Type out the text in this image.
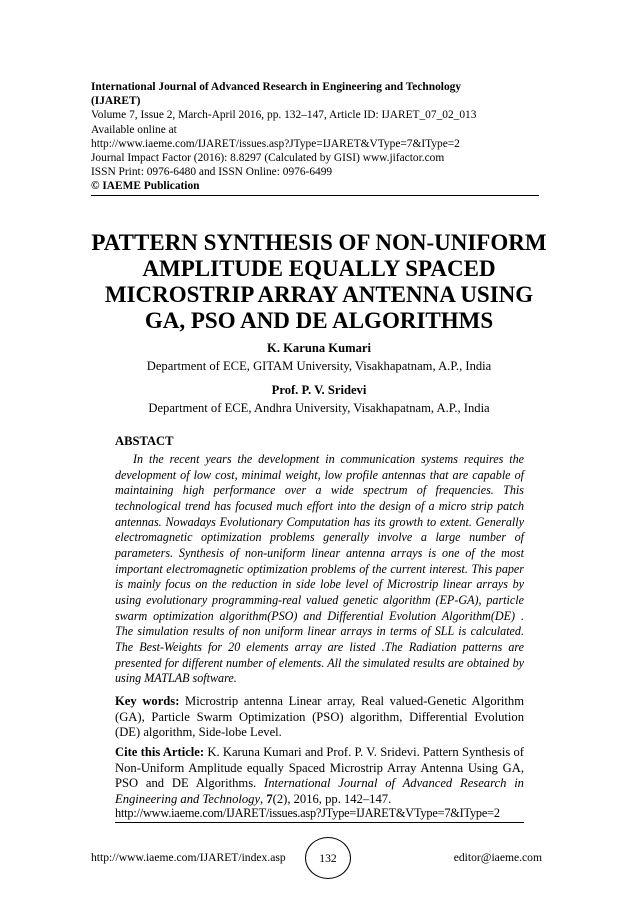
International Journal of Advanced Research in Engineering and Technology
(IJARET)
Volume 7, Issue 2, March-April 2016, pp. 132–147, Article ID: IJARET_07_02_013
Available online at
http://www.iaeme.com/IJARET/issues.asp?JType=IJARET&VType=7&IType=2
Journal Impact Factor (2016): 8.8297 (Calculated by GISI) www.jifactor.com
ISSN Print: 0976-6480 and ISSN Online: 0976-6499
© IAEME Publication
PATTERN SYNTHESIS OF NON-UNIFORM
AMPLITUDE EQUALLY SPACED
MICROSTRIP ARRAY ANTENNA USING
GA, PSO AND DE ALGORITHMS
K. Karuna Kumari
Department of ECE, GITAM University, Visakhapatnam, A.P., India
Prof. P. V. Sridevi
Department of ECE, Andhra University, Visakhapatnam, A.P., India
ABSTACT

In the recent years the development in communication systems requires the development of low cost, minimal weight, low profile antennas that are capable of maintaining high performance over a wide spectrum of frequencies. This technological trend has focused much effort into the design of a micro strip patch antennas. Nowadays Evolutionary Computation has its growth to extent. Generally electromagnetic optimization problems generally involve a large number of parameters. Synthesis of non-uniform linear antenna arrays is one of the most important electromagnetic optimization problems of the current interest. This paper is mainly focus on the reduction in side lobe level of Microstrip linear arrays by using evolutionary programming-real valued genetic algorithm (EP-GA), particle swarm optimization algorithm(PSO) and Differential Evolution Algorithm(DE) . The simulation results of non uniform linear arrays in terms of SLL is calculated. The Best-Weights for 20 elements array are listed .The Radiation patterns are presented for different number of elements. All the simulated results are obtained by using MATLAB software.

Key words: Microstrip antenna Linear array, Real valued-Genetic Algorithm (GA), Particle Swarm Optimization (PSO) algorithm, Differential Evolution (DE) algorithm, Side-lobe Level.

Cite this Article: K. Karuna Kumari and Prof. P. V. Sridevi. Pattern Synthesis of Non-Uniform Amplitude equally Spaced Microstrip Array Antenna Using GA, PSO and DE Algorithms. International Journal of Advanced Research in Engineering and Technology, 7(2), 2016, pp. 142–147.

http://www.iaeme.com/IJARET/issues.asp?JType=IJARET&VType=7&IType=2
http://www.iaeme.com/IJARET/index.asp	132	editor@iaeme.com
